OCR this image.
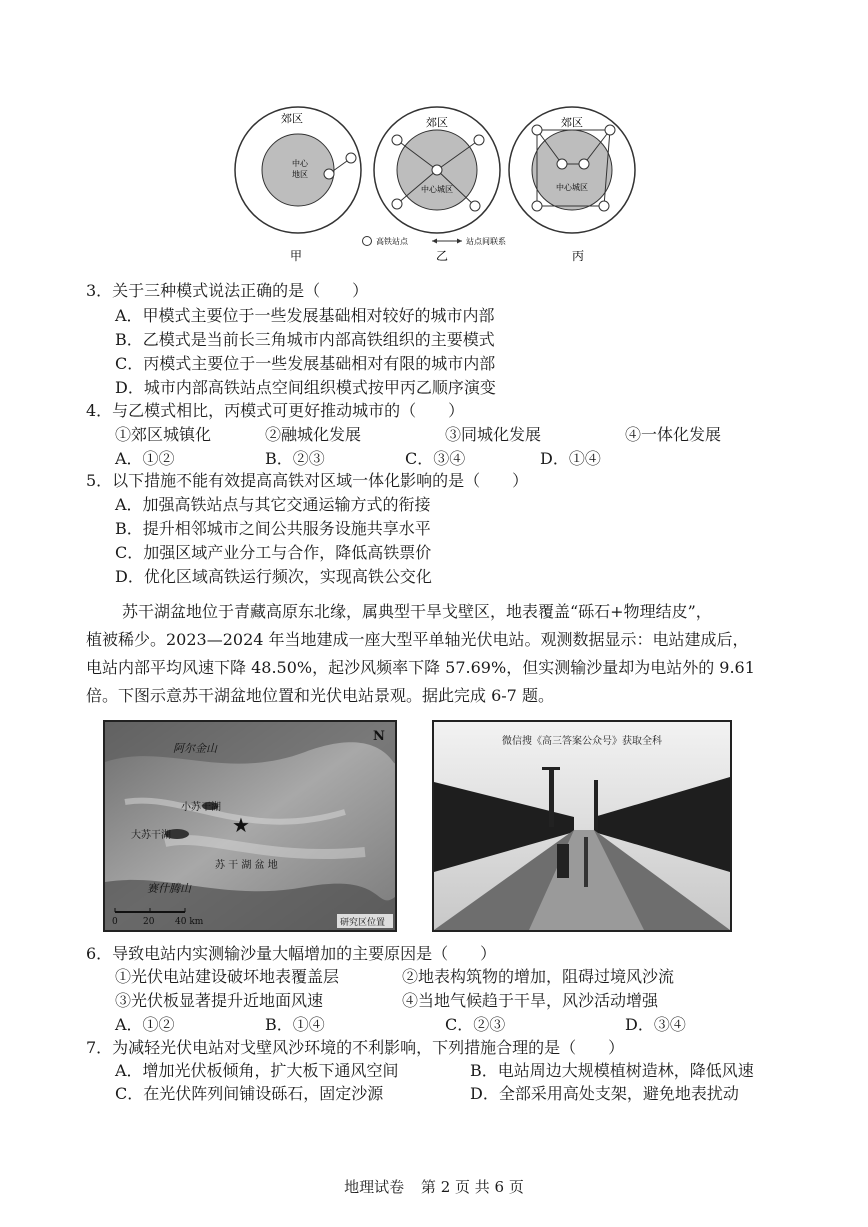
郊区
中心
地区
郊区
中心城区
郊区
中心城区
高铁站点	站点间联系
甲	乙	丙
3．关于三种模式说法正确的是（　　）
A．甲模式主要位于一些发展基础相对较好的城市内部
B．乙模式是当前长三角城市内部高铁组织的主要模式
C．丙模式主要位于一些发展基础相对有限的城市内部
D．城市内部高铁站点空间组织模式按甲丙乙顺序演变
4．与乙模式相比，丙模式可更好推动城市的（　　）
①郊区城镇化	②融城化发展	③同城化发展	④一体化发展
A．①②	B．②③	C．③④	D．①④
5．以下措施不能有效提高高铁对区域一体化影响的是（　　）
A．加强高铁站点与其它交通运输方式的衔接
B．提升相邻城市之间公共服务设施共享水平
C．加强区域产业分工与合作，降低高铁票价
D．优化区域高铁运行频次，实现高铁公交化
苏干湖盆地位于青藏高原东北缘，属典型干旱戈壁区，地表覆盖“砾石+物理结皮”，
植被稀少。2023—2024 年当地建成一座大型平单轴光伏电站。观测数据显示：电站建成后，
电站内部平均风速下降 48.50%，起沙风频率下降 57.69%，但实测输沙量却为电站外的 9.61
倍。下图示意苏干湖盆地位置和光伏电站景观。据此完成 6-7 题。
★
阿尔金山
小苏干湖
大苏干湖
苏 干 湖 盆 地
赛什腾山
N
0	20 40 km	研究区位置
微信搜《高三答案公众号》获取全科
6．导致电站内实测输沙量大幅增加的主要原因是（　　）
①光伏电站建设破坏地表覆盖层	②地表构筑物的增加，阻碍过境风沙流
③光伏板显著提升近地面风速	④当地气候趋于干旱，风沙活动增强
A．①②	B．①④	C．②③	D．③④
7．为减轻光伏电站对戈壁风沙环境的不利影响，下列措施合理的是（　　）
A．增加光伏板倾角，扩大板下通风空间	B．电站周边大规模植树造林，降低风速
C．在光伏阵列间铺设砾石，固定沙源	D．全部采用高处支架，避免地表扰动
地理试卷 第 2 页 共 6 页
